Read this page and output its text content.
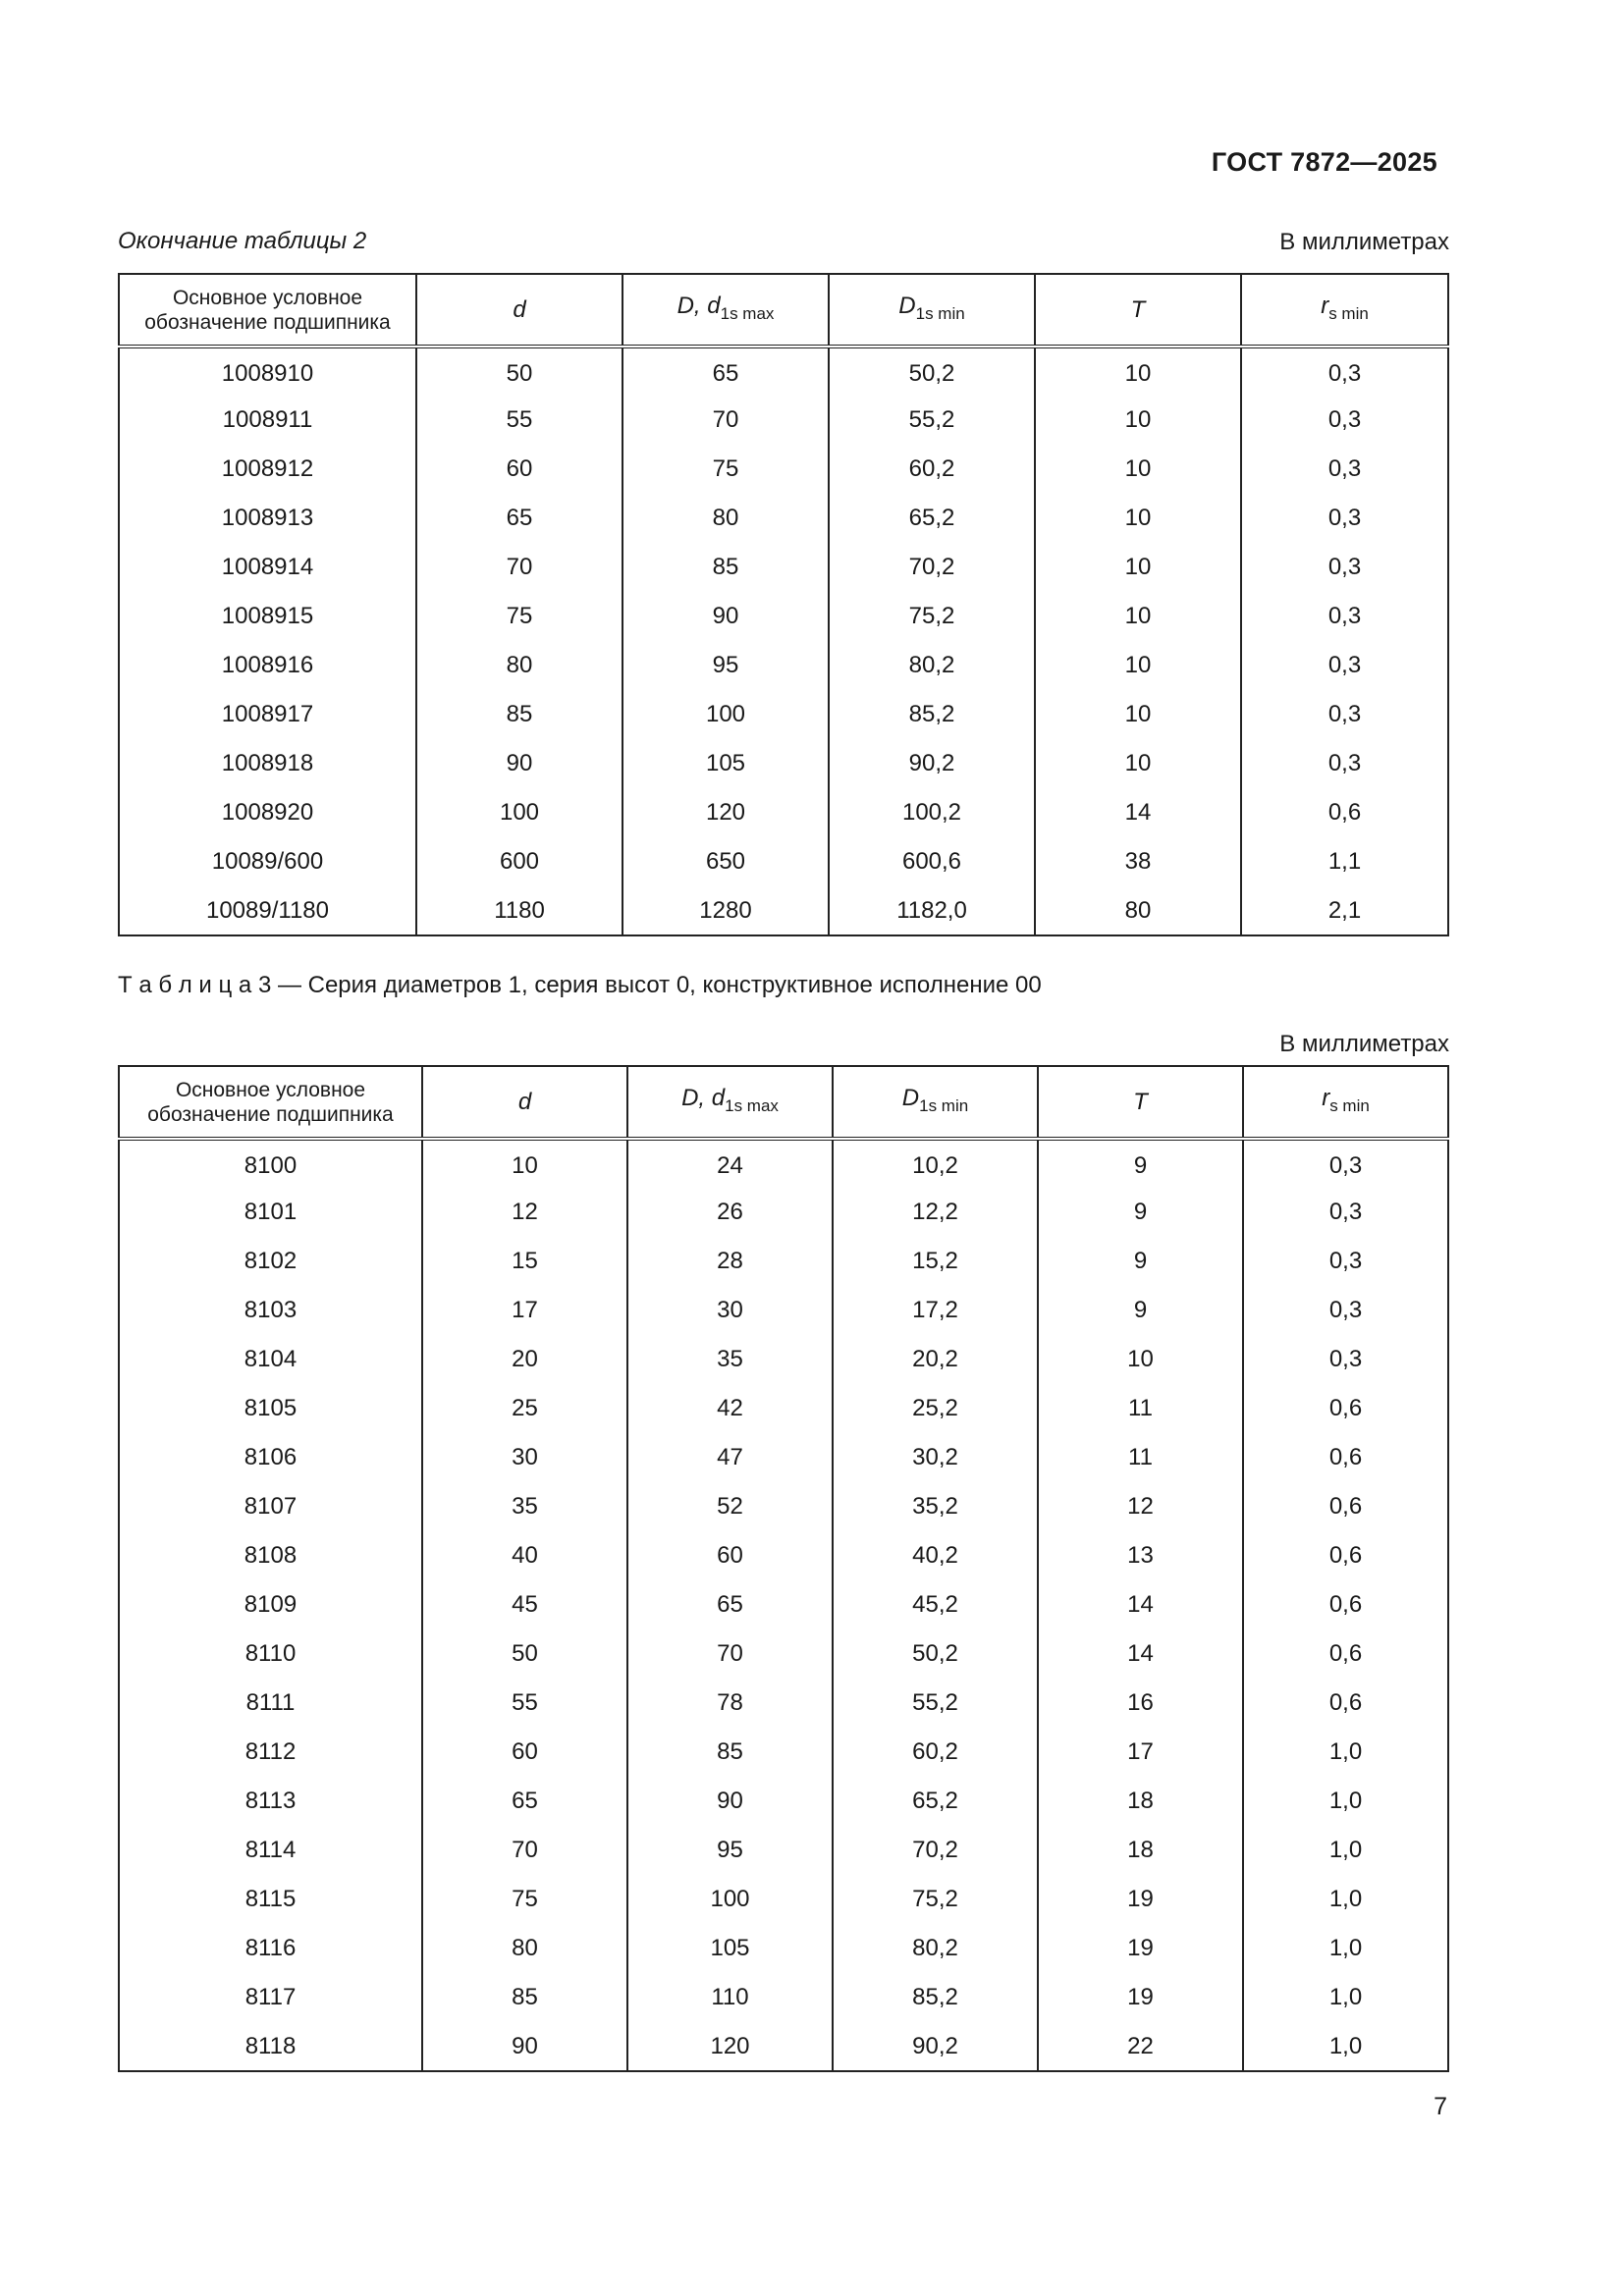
ГОСТ 7872—2025
Окончание таблицы 2	В миллиметрах
Основное условное обозначение подшипника	d	D, $d_{1s max}$	$D_{1s min}$	T	$r_{s min}$
1008910	50	65	50,2	10	0,3
1008911	55	70	55,2	10	0,3
1008912	60	75	60,2	10	0,3
1008913	65	80	65,2	10	0,3
1008914	70	85	70,2	10	0,3
1008915	75	90	75,2	10	0,3
1008916	80	95	80,2	10	0,3
1008917	85	100	85,2	10	0,3
1008918	90	105	90,2	10	0,3
1008920	100	120	100,2	14	0,6
10089/600	600	650	600,6	38	1,1
10089/1180	1180	1280	1182,0	80	2,1
Т а б л и ц а 3 — Серия диаметров 1, серия высот 0, конструктивное исполнение 00
В миллиметрах
Основное условное обозначение подшипника	d	D, $d_{1s max}$	$D_{1s min}$	T	$r_{s min}$
8100	10	24	10,2	9	0,3
8101	12	26	12,2	9	0,3
8102	15	28	15,2	9	0,3
8103	17	30	17,2	9	0,3
8104	20	35	20,2	10	0,3
8105	25	42	25,2	11	0,6
8106	30	47	30,2	11	0,6
8107	35	52	35,2	12	0,6
8108	40	60	40,2	13	0,6
8109	45	65	45,2	14	0,6
8110	50	70	50,2	14	0,6
8111	55	78	55,2	16	0,6
8112	60	85	60,2	17	1,0
8113	65	90	65,2	18	1,0
8114	70	95	70,2	18	1,0
8115	75	100	75,2	19	1,0
8116	80	105	80,2	19	1,0
8117	85	110	85,2	19	1,0
8118	90	120	90,2	22	1,0
7
